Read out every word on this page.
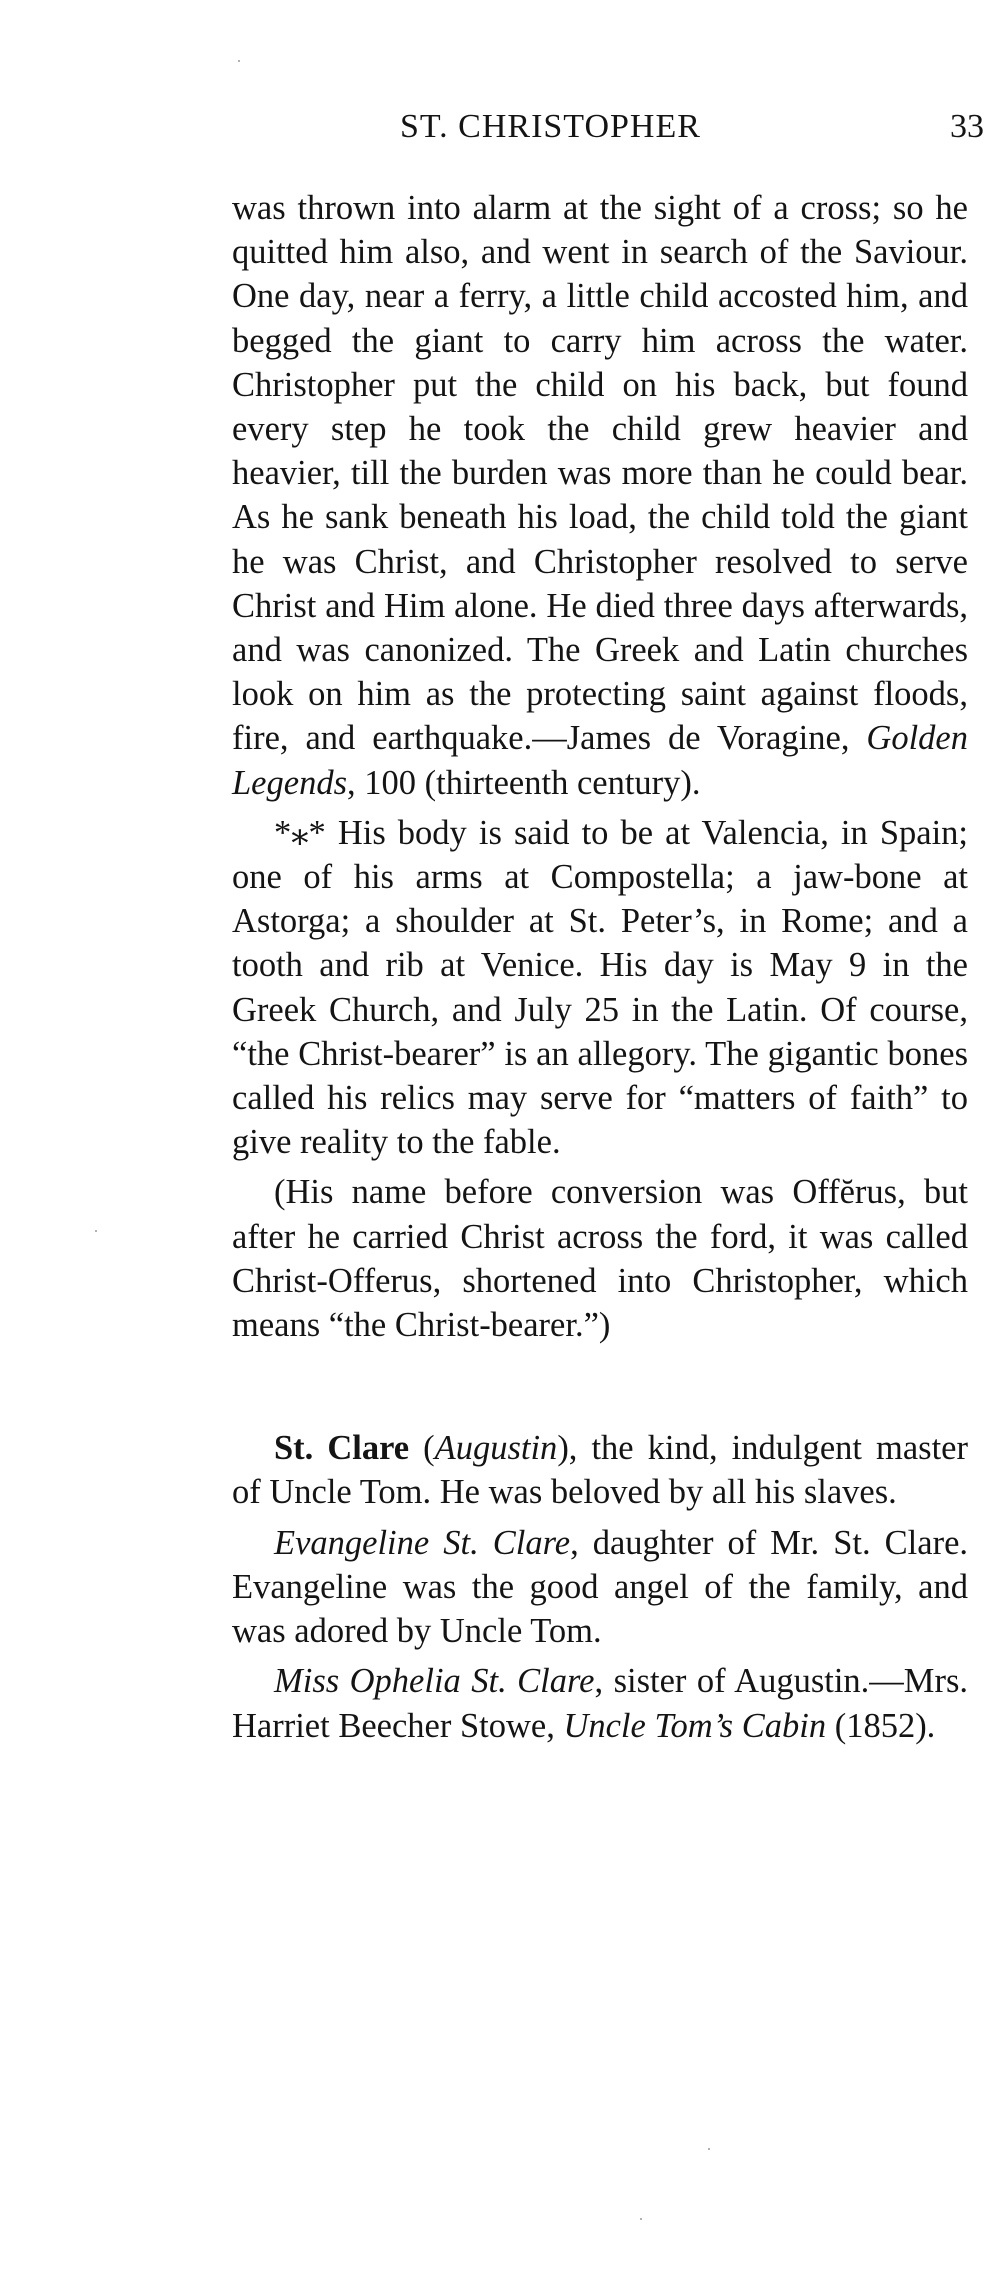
ST. CHRISTOPHER	33

was thrown into alarm at the sight of a cross; so he quitted him also, and went in search of the Saviour. One day, near a ferry, a little child accosted him, and begged the giant to carry him across the water. Christopher put the child on his back, but found every step he took the child grew heavier and heavier, till the burden was more than he could bear. As he sank beneath his load, the child told the giant he was Christ, and Christopher resolved to serve Christ and Him alone. He died three days afterwards, and was canonized. The Greek and Latin churches look on him as the protecting saint against floods, fire, and earthquake.—James de Voragine, Golden Legends, 100 (thirteenth century).

*⁎* His body is said to be at Valencia, in Spain; one of his arms at Compostella; a jaw-bone at Astorga; a shoulder at St. Peter’s, in Rome; and a tooth and rib at Venice. His day is May 9 in the Greek Church, and July 25 in the Latin. Of course, “the Christ-bearer” is an allegory. The gigantic bones called his relics may serve for “matters of faith” to give reality to the fable.

(His name before conversion was Offĕrus, but after he carried Christ across the ford, it was called Christ-Offerus, shortened into Christopher, which means “the Christ-bearer.”)

St. Clare (Augustin), the kind, indulgent master of Uncle Tom. He was beloved by all his slaves.

Evangeline St. Clare, daughter of Mr. St. Clare. Evangeline was the good angel of the family, and was adored by Uncle Tom.

Miss Ophelia St. Clare, sister of Augustin.—Mrs. Harriet Beecher Stowe, Uncle Tom’s Cabin (1852).
